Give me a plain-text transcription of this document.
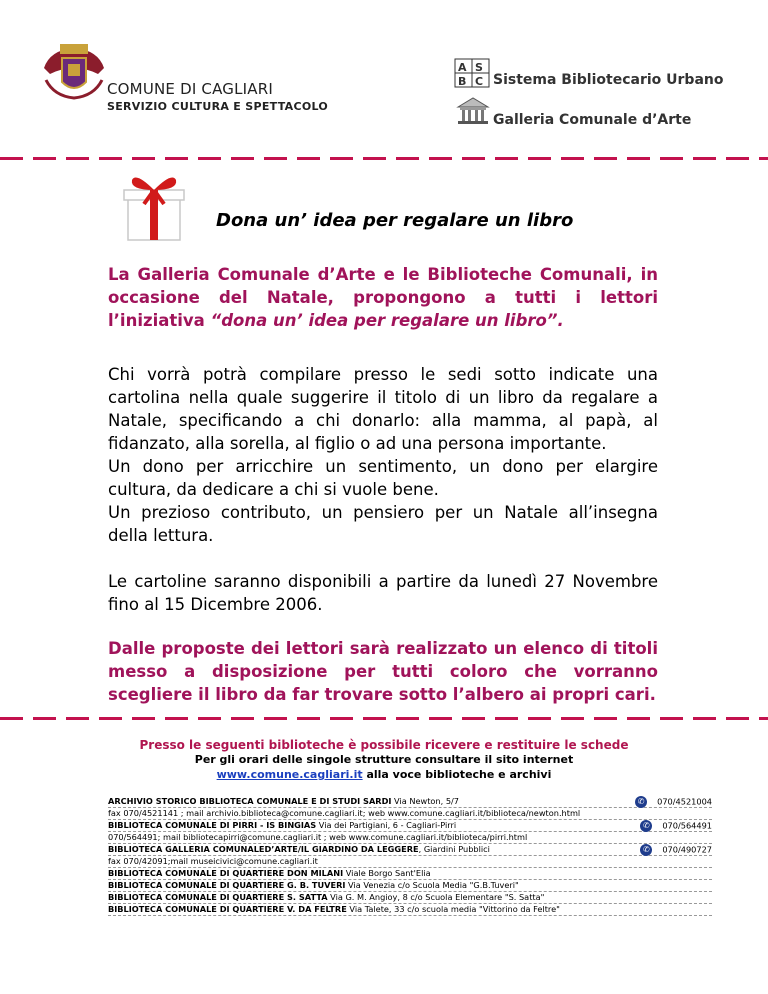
COMUNE DI CAGLIARI
SERVIZIO CULTURA E SPETTACOLO
A S
B C Sistema Bibliotecario Urbano
Galleria Comunale d’Arte
Dona un’ idea per regalare un libro
La Galleria Comunale d’Arte e le Biblioteche Comunali, in occasione del Natale, propongono a tutti i lettori l’iniziativa “dona un’ idea per regalare un libro”.
Chi vorrà potrà compilare presso le sedi sotto indicate una cartolina nella quale suggerire il titolo di un libro da regalare a Natale, specificando a chi donarlo: alla mamma, al papà, al fidanzato, alla sorella, al figlio o ad una persona importante.
Un dono per arricchire un sentimento, un dono per elargire cultura, da dedicare a chi si vuole bene.
Un prezioso contributo, un pensiero per un Natale all’insegna della lettura.
Le cartoline saranno disponibili a partire da lunedì 27 Novembre fino al 15 Dicembre 2006.
Dalle proposte dei lettori sarà realizzato un elenco di titoli messo a disposizione per tutti coloro che vorranno scegliere il libro da far trovare sotto l’albero ai propri cari.
Presso le seguenti biblioteche è possibile ricevere e restituire le schede
Per gli orari delle singole strutture consultare il sito internet
www.comune.cagliari.it alla voce biblioteche e archivi
ARCHIVIO STORICO BIBLIOTECA COMUNALE E DI STUDI SARDI Via Newton, 5/7	✆ 070/4521004
fax 070/4521141 ; mail archivio.biblioteca@comune.cagliari.it; web www.comune.cagliari.it/biblioteca/newton.html
BIBLIOTECA COMUNALE DI PIRRI - IS BINGIAS Via dei Partigiani, 6 - Cagliari-Pirri	✆ 070/564491
070/564491; mail bibliotecapirri@comune.cagliari.it ; web www.comune.cagliari.it/biblioteca/pirri.html
BIBLIOTECA GALLERIA COMUNALED’ARTE/IL GIARDINO DA LEGGERE, Giardini Pubblici	✆ 070/490727
fax 070/42091;mail museicivici@comune.cagliari.it
BIBLIOTECA COMUNALE DI QUARTIERE DON MILANI Viale Borgo Sant'Elia
BIBLIOTECA COMUNALE DI QUARTIERE G. B. TUVERI Via Venezia c/o Scuola Media "G.B.Tuveri"
BIBLIOTECA COMUNALE DI QUARTIERE S. SATTA Via G. M. Angioy, 8 c/o Scuola Elementare "S. Satta"
BIBLIOTECA COMUNALE DI QUARTIERE V. DA FELTRE Via Talete, 33 c/o scuola media "Vittorino da Feltre"
